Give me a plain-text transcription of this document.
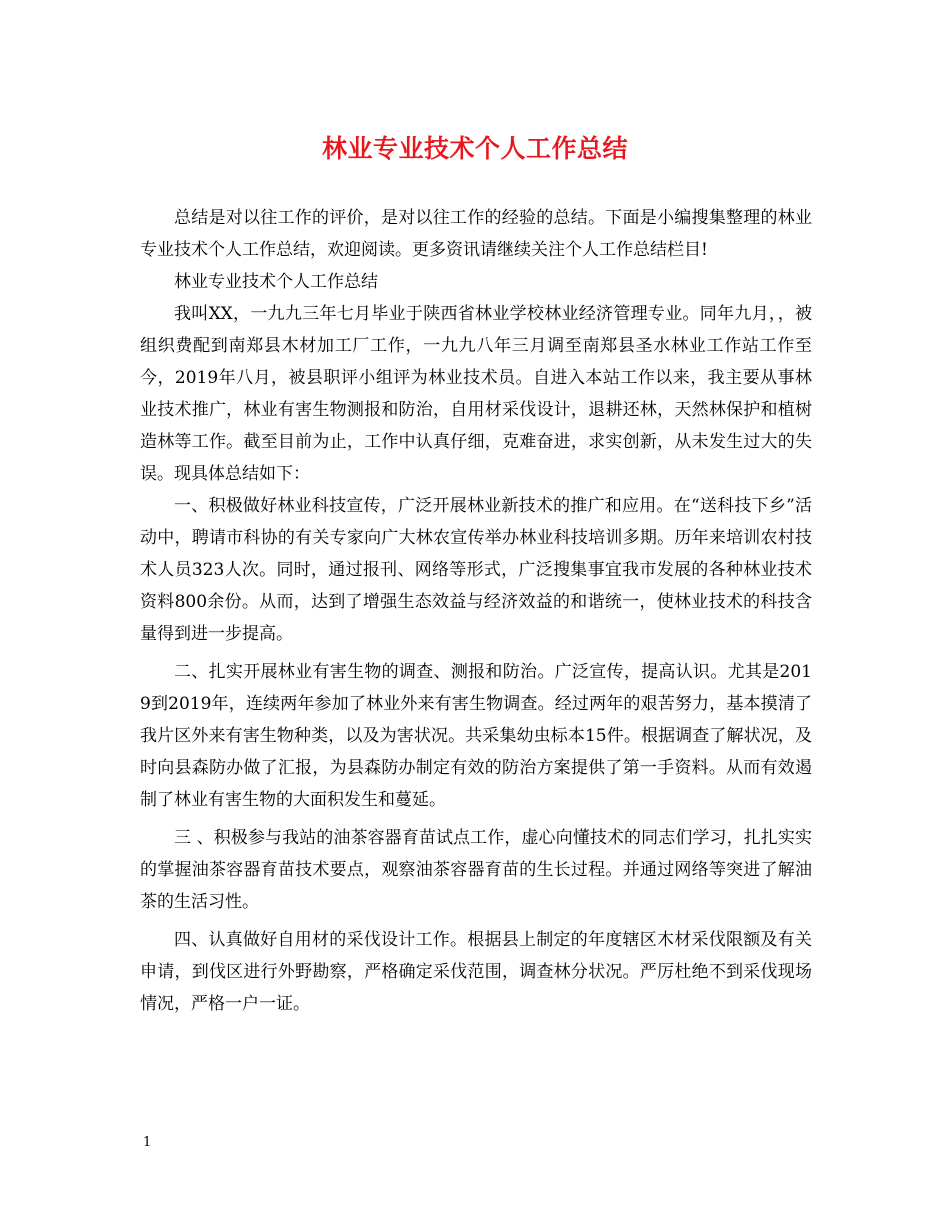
林业专业技术个人工作总结

总结是对以往工作的评价，是对以往工作的经验的总结。下面是小编搜集整理的林业专业技术个人工作总结，欢迎阅读。更多资讯请继续关注个人工作总结栏目!

林业专业技术个人工作总结

我叫XX，一九九三年七月毕业于陕西省林业学校林业经济管理专业。同年九月，，被组织费配到南郑县木材加工厂工作，一九九八年三月调至南郑县圣水林业工作站工作至今，2019年八月，被县职评小组评为林业技术员。自进入本站工作以来，我主要从事林业技术推广，林业有害生物测报和防治，自用材采伐设计，退耕还林，天然林保护和植树造林等工作。截至目前为止，工作中认真仔细，克难奋进，求实创新，从未发生过大的失误。现具体总结如下：

一、积极做好林业科技宣传，广泛开展林业新技术的推广和应用。在“送科技下乡”活动中，聘请市科协的有关专家向广大林农宣传举办林业科技培训多期。历年来培训农村技术人员323人次。同时，通过报刊、网络等形式，广泛搜集事宜我市发展的各种林业技术资料800余份。从而，达到了增强生态效益与经济效益的和谐统一，使林业技术的科技含量得到进一步提高。

二、扎实开展林业有害生物的调查、测报和防治。广泛宣传，提高认识。尤其是2019到2019年，连续两年参加了林业外来有害生物调查。经过两年的艰苦努力，基本摸清了我片区外来有害生物种类，以及为害状况。共采集幼虫标本15件。根据调查了解状况，及时向县森防办做了汇报，为县森防办制定有效的防治方案提供了第一手资料。从而有效遏制了林业有害生物的大面积发生和蔓延。

三 、积极参与我站的油茶容器育苗试点工作，虚心向懂技术的同志们学习，扎扎实实的掌握油茶容器育苗技术要点，观察油茶容器育苗的生长过程。并通过网络等突进了解油茶的生活习性。

四、认真做好自用材的采伐设计工作。根据县上制定的年度辖区木材采伐限额及有关申请，到伐区进行外野勘察，严格确定采伐范围，调查林分状况。严厉杜绝不到采伐现场情况，严格一户一证。

1
